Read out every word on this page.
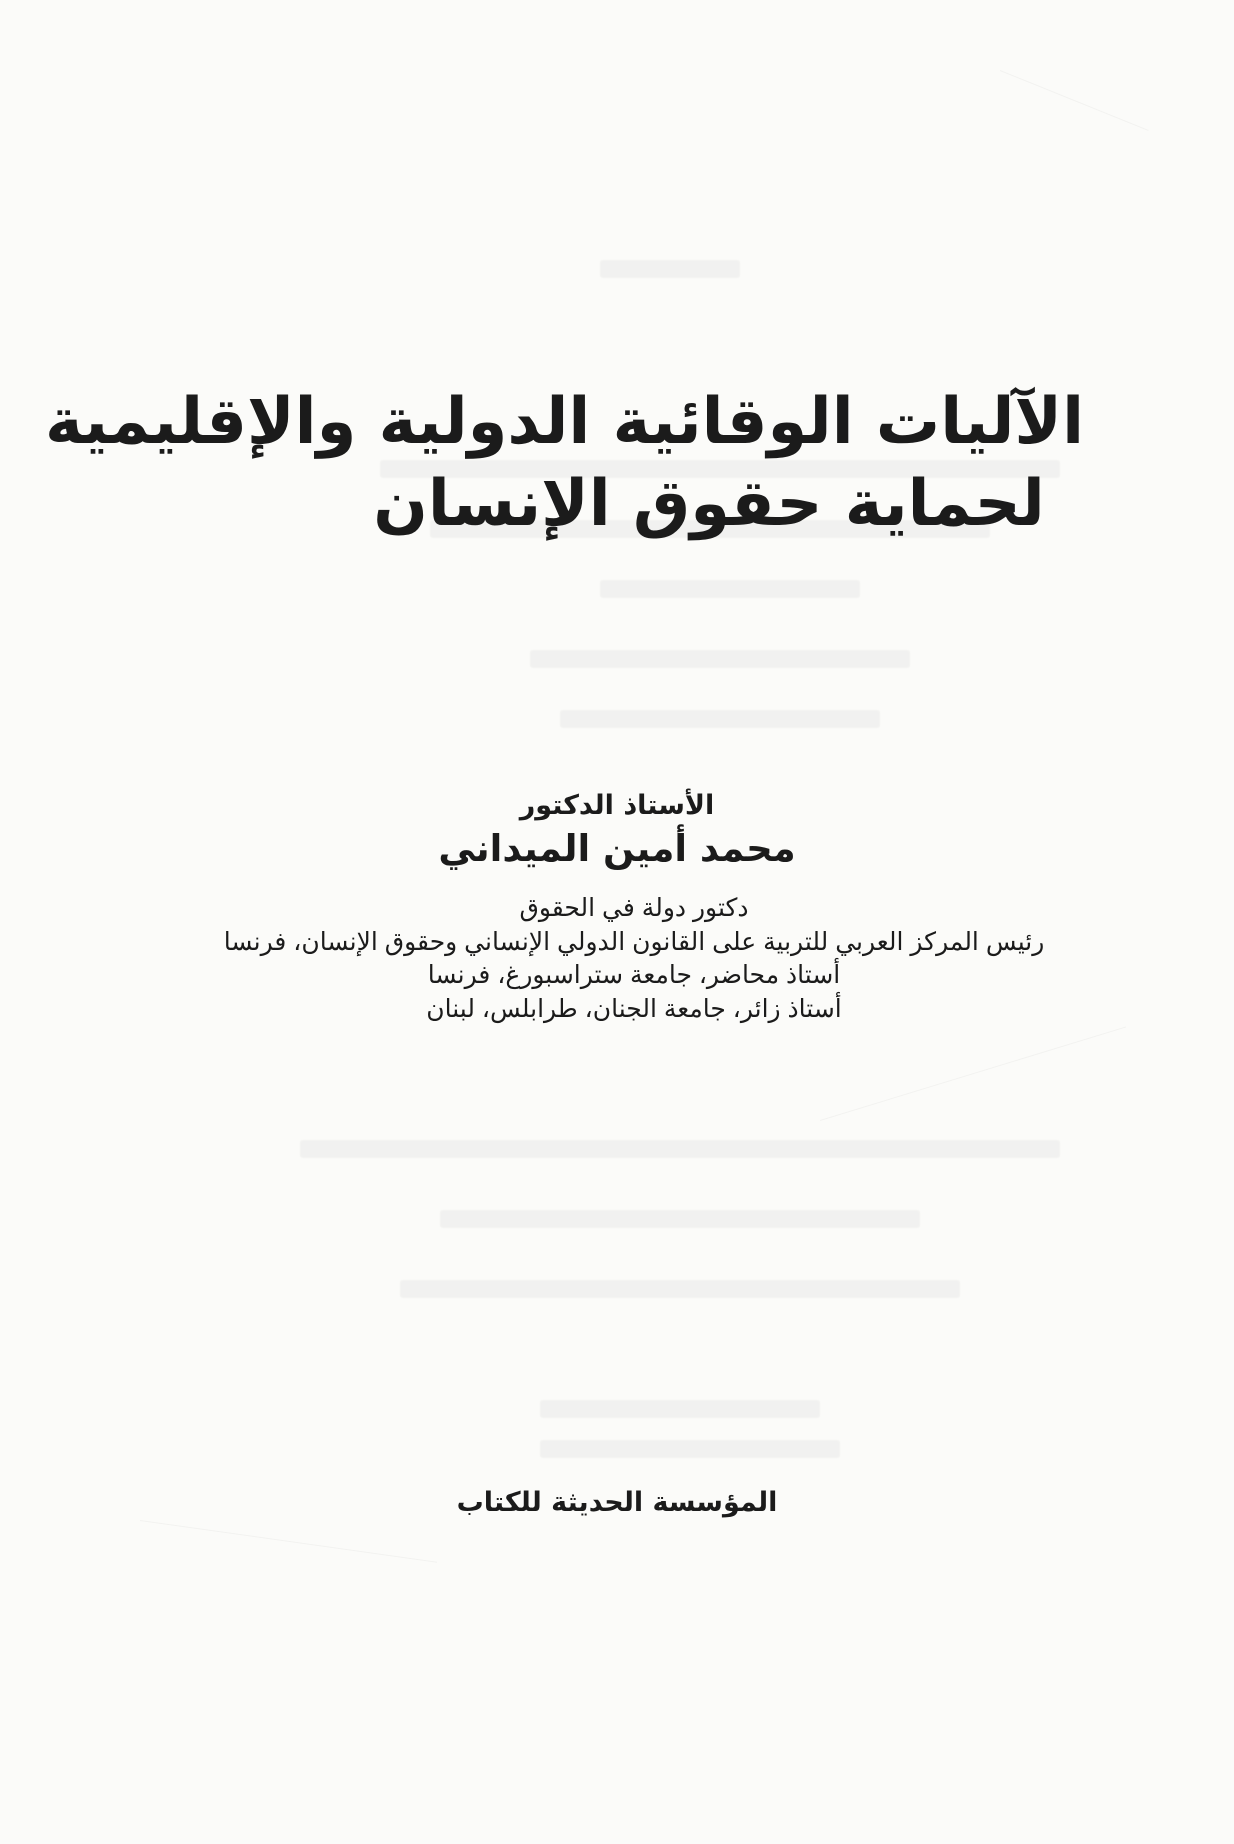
الآليات الوقائية الدولية والإقليمية
لحماية حقوق الإنسان
الأستاذ الدكتور
محمد أمين الميداني
دكتور دولة في الحقوق
رئيس المركز العربي للتربية على القانون الدولي الإنساني وحقوق الإنسان، فرنسا
أستاذ محاضر، جامعة ستراسبورغ، فرنسا
أستاذ زائر، جامعة الجنان، طرابلس، لبنان
المؤسسة الحديثة للكتاب
